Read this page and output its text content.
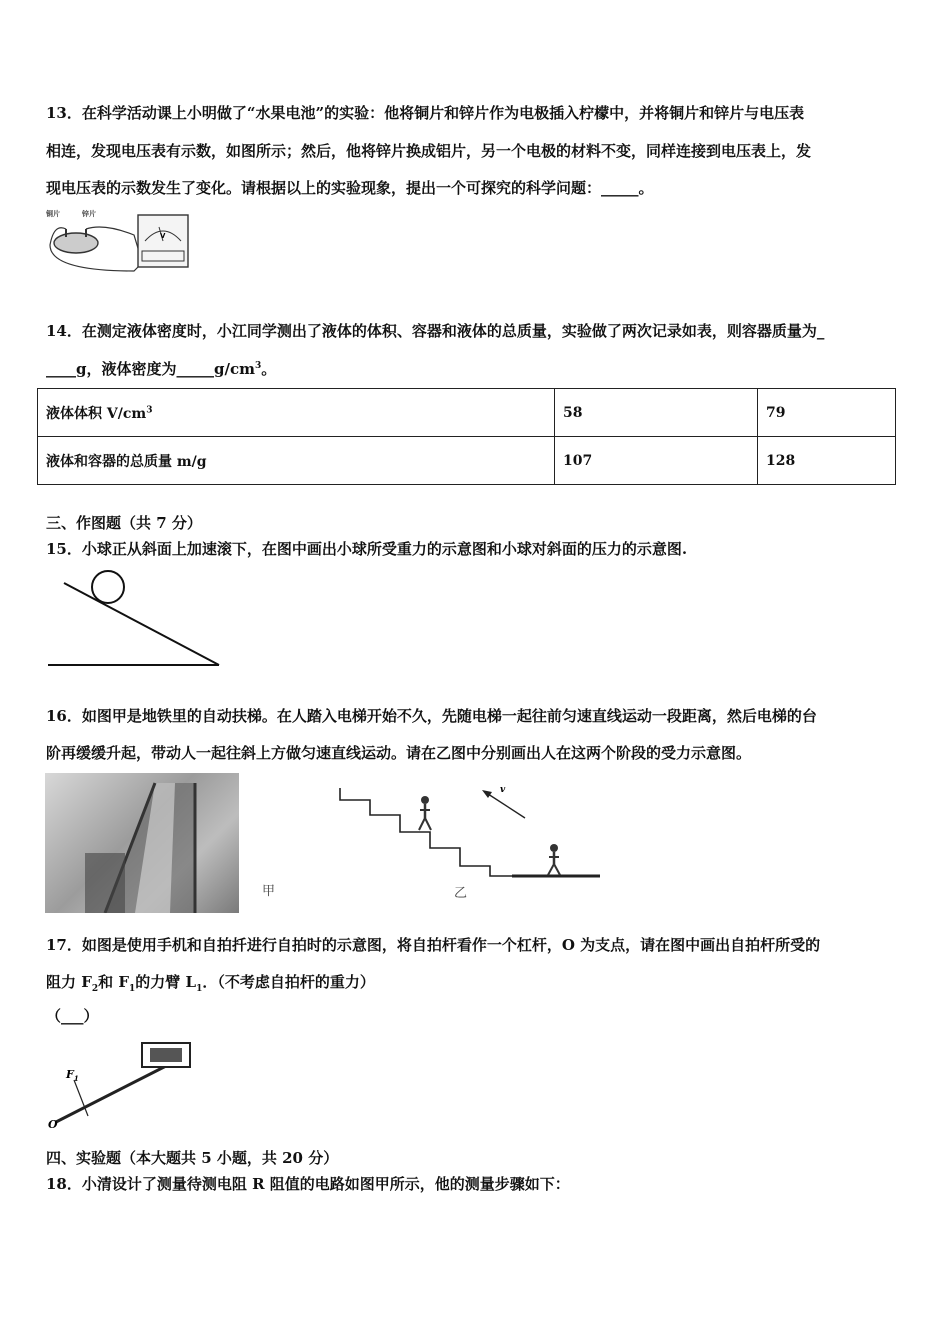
13．在科学活动课上小明做了“水果电池”的实验：他将铜片和锌片作为电极插入柠檬中，并将铜片和锌片与电压表
相连，发现电压表有示数，如图所示；然后，他将锌片换成铝片，另一个电极的材料不变，同样连接到电压表上，发
现电压表的示数发生了变化。请根据以上的实验现象，提出一个可探究的科学问题：_____。
铜片	锌片
V
14．在测定液体密度时，小江同学测出了液体的体积、容器和液体的总质量，实验做了两次记录如表，则容器质量为_
____g，液体密度为$\_\_\_\_\_g/cm^3$。
液体体积 $V/cm^3$	58	79
液体和容器的总质量 m/g	107	128
三、作图题（共 7 分）
15．小球正从斜面上加速滚下，在图中画出小球所受重力的示意图和小球对斜面的压力的示意图.
16．如图甲是地铁里的自动扶梯。在人踏入电梯开始不久，先随电梯一起往前匀速直线运动一段距离，然后电梯的台
阶再缓缓升起，带动人一起往斜上方做匀速直线运动。请在乙图中分别画出人在这两个阶段的受力示意图。
甲
v
乙
17．如图是使用手机和自拍扦进行自拍时的示意图，将自拍杆看作一个杠杆，O 为支点，请在图中画出自拍杆所受的
阻力 $F_2$和 $F_1$的力臂 $L_1$．（不考虑自拍杆的重力）
（___）
$F_1$
O
四、实验题（本大题共 5 小题，共 20 分）
18．小清设计了测量待测电阻 R 阻值的电路如图甲所示，他的测量步骤如下：
